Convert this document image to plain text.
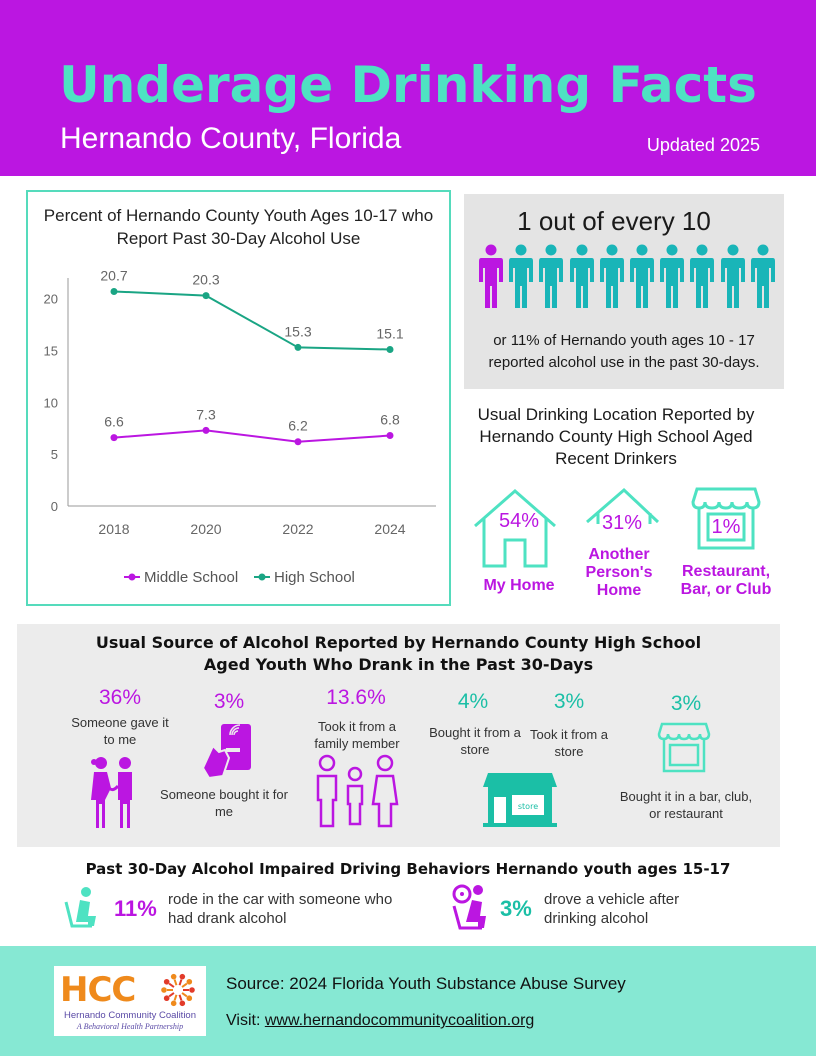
Underage Drinking Facts
Hernando County, Florida	Updated 2025
Percent of Hernando County Youth Ages 10-17 who Report Past 30-Day Alcohol Use
0
5
10
15
20
2018	2020	2022	2024
6.6	7.3
6.2	6.8
20.7	20.3
15.3	15.1
Middle School High School
1 out of every 10
or 11% of Hernando youth ages 10 - 17 reported alcohol use in the past 30-days.
Usual Drinking Location Reported by Hernando County High School Aged Recent Drinkers
54%
My Home
31%
Another Person's Home
1%
Restaurant, Bar, or Club
Usual Source of Alcohol Reported by Hernando County High School Aged Youth Who Drank in the Past 30-Days
36%
Someone gave it to me
3%
Someone bought it for me
13.6%
Took it from a family member
4%
Bought it from a store
store
3%
Took it from a store
3%
Bought it in a bar, club, or restaurant
Past 30-Day Alcohol Impaired Driving Behaviors Hernando youth ages 15-17
11% rode in the car with someone who had drank alcohol	3% drove a vehicle after drinking alcohol
HCC
Hernando Community Coalition
A Behavioral Health Partnership
Source: 2024 Florida Youth Substance Abuse Survey
Visit: www.hernandocommunitycoalition.org
